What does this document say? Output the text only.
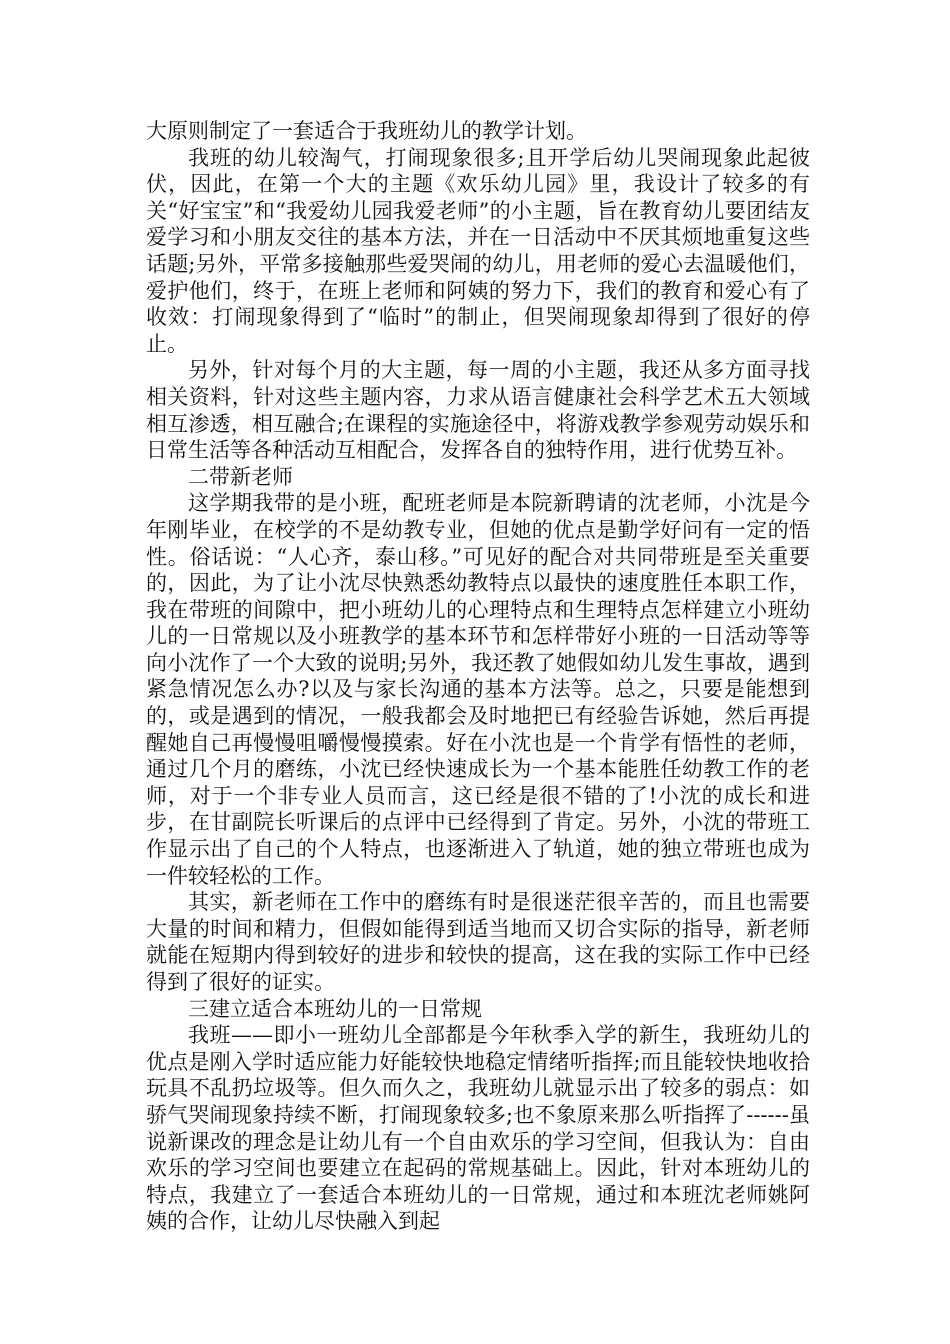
大原则制定了一套适合于我班幼儿的教学计划。

我班的幼儿较淘气，打闹现象很多;且开学后幼儿哭闹现象此起彼伏，因此，在第一个大的主题《欢乐幼儿园》里，我设计了较多的有关“好宝宝”和“我爱幼儿园我爱老师”的小主题，旨在教育幼儿要团结友爱学习和小朋友交往的基本方法，并在一日活动中不厌其烦地重复这些话题;另外，平常多接触那些爱哭闹的幼儿，用老师的爱心去温暖他们，爱护他们，终于，在班上老师和阿姨的努力下，我们的教育和爱心有了收效：打闹现象得到了“临时”的制止，但哭闹现象却得到了很好的停止。

另外，针对每个月的大主题，每一周的小主题，我还从多方面寻找相关资料，针对这些主题内容，力求从语言健康社会科学艺术五大领域相互渗透，相互融合;在课程的实施途径中，将游戏教学参观劳动娱乐和日常生活等各种活动互相配合，发挥各自的独特作用，进行优势互补。

二带新老师

这学期我带的是小班，配班老师是本院新聘请的沈老师，小沈是今年刚毕业，在校学的不是幼教专业，但她的优点是勤学好问有一定的悟性。俗话说：“人心齐，泰山移。”可见好的配合对共同带班是至关重要的，因此，为了让小沈尽快熟悉幼教特点以最快的速度胜任本职工作，我在带班的间隙中，把小班幼儿的心理特点和生理特点怎样建立小班幼儿的一日常规以及小班教学的基本环节和怎样带好小班的一日活动等等向小沈作了一个大致的说明;另外，我还教了她假如幼儿发生事故，遇到紧急情况怎么办?以及与家长沟通的基本方法等。总之，只要是能想到的，或是遇到的情况，一般我都会及时地把已有经验告诉她，然后再提醒她自己再慢慢咀嚼慢慢摸索。好在小沈也是一个肯学有悟性的老师，通过几个月的磨练，小沈已经快速成长为一个基本能胜任幼教工作的老师，对于一个非专业人员而言，这已经是很不错的了!小沈的成长和进步，在甘副院长听课后的点评中已经得到了肯定。另外，小沈的带班工作显示出了自己的个人特点，也逐渐进入了轨道，她的独立带班也成为一件较轻松的工作。

其实，新老师在工作中的磨练有时是很迷茫很辛苦的，而且也需要大量的时间和精力，但假如能得到适当地而又切合实际的指导，新老师就能在短期内得到较好的进步和较快的提高，这在我的实际工作中已经得到了很好的证实。

三建立适合本班幼儿的一日常规

我班——即小一班幼儿全部都是今年秋季入学的新生，我班幼儿的优点是刚入学时适应能力好能较快地稳定情绪听指挥;而且能较快地收拾玩具不乱扔垃圾等。但久而久之，我班幼儿就显示出了较多的弱点：如骄气哭闹现象持续不断，打闹现象较多;也不象原来那么听指挥了------虽说新课改的理念是让幼儿有一个自由欢乐的学习空间，但我认为：自由欢乐的学习空间也要建立在起码的常规基础上。因此，针对本班幼儿的特点，我建立了一套适合本班幼儿的一日常规，通过和本班沈老师姚阿姨的合作，让幼儿尽快融入到起
